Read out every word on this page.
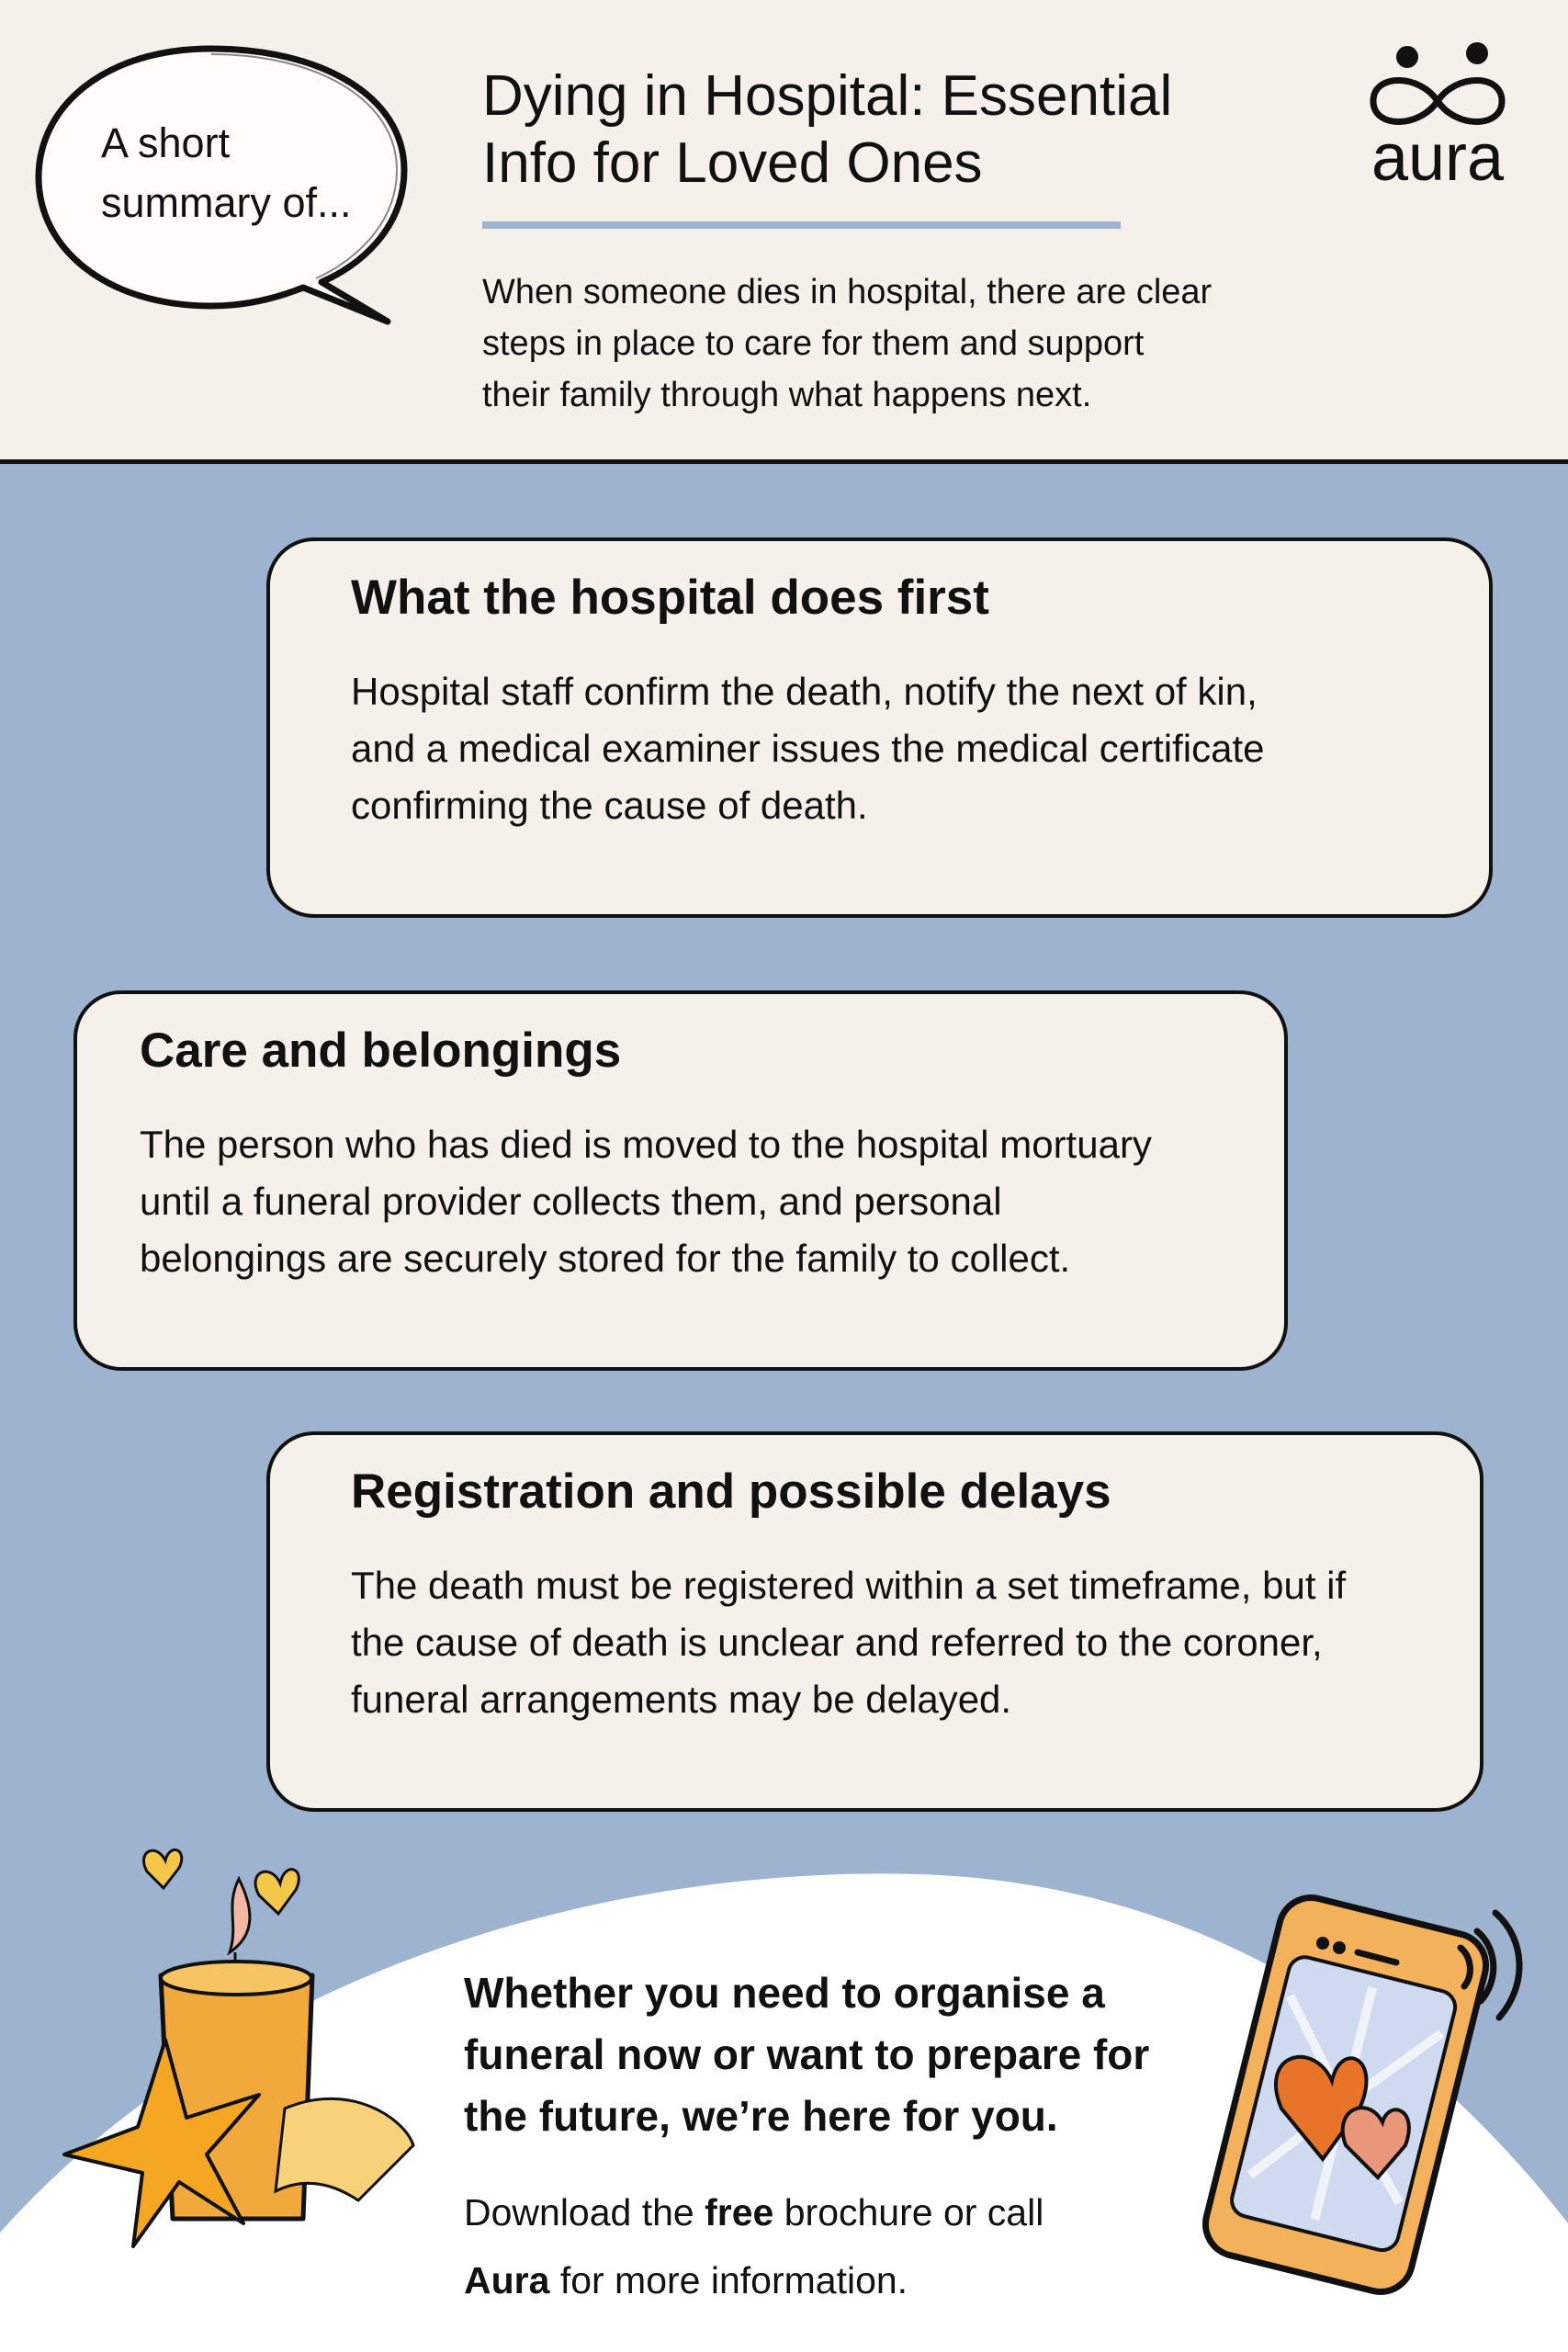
A short
summary of...
Dying in Hospital: Essential
Info for Loved Ones
When someone dies in hospital, there are clear
steps in place to care for them and support
their family through what happens next.
aura
What the hospital does first
Hospital staff confirm the death, notify the next of kin,
and a medical examiner issues the medical certificate
confirming the cause of death.
Care and belongings
The person who has died is moved to the hospital mortuary
until a funeral provider collects them, and personal
belongings are securely stored for the family to collect.
Registration and possible delays
The death must be registered within a set timeframe, but if
the cause of death is unclear and referred to the coroner,
funeral arrangements may be delayed.
Whether you need to organise a
funeral now or want to prepare for
the future, we’re here for you.
Download the free brochure or call
Aura for more information.
